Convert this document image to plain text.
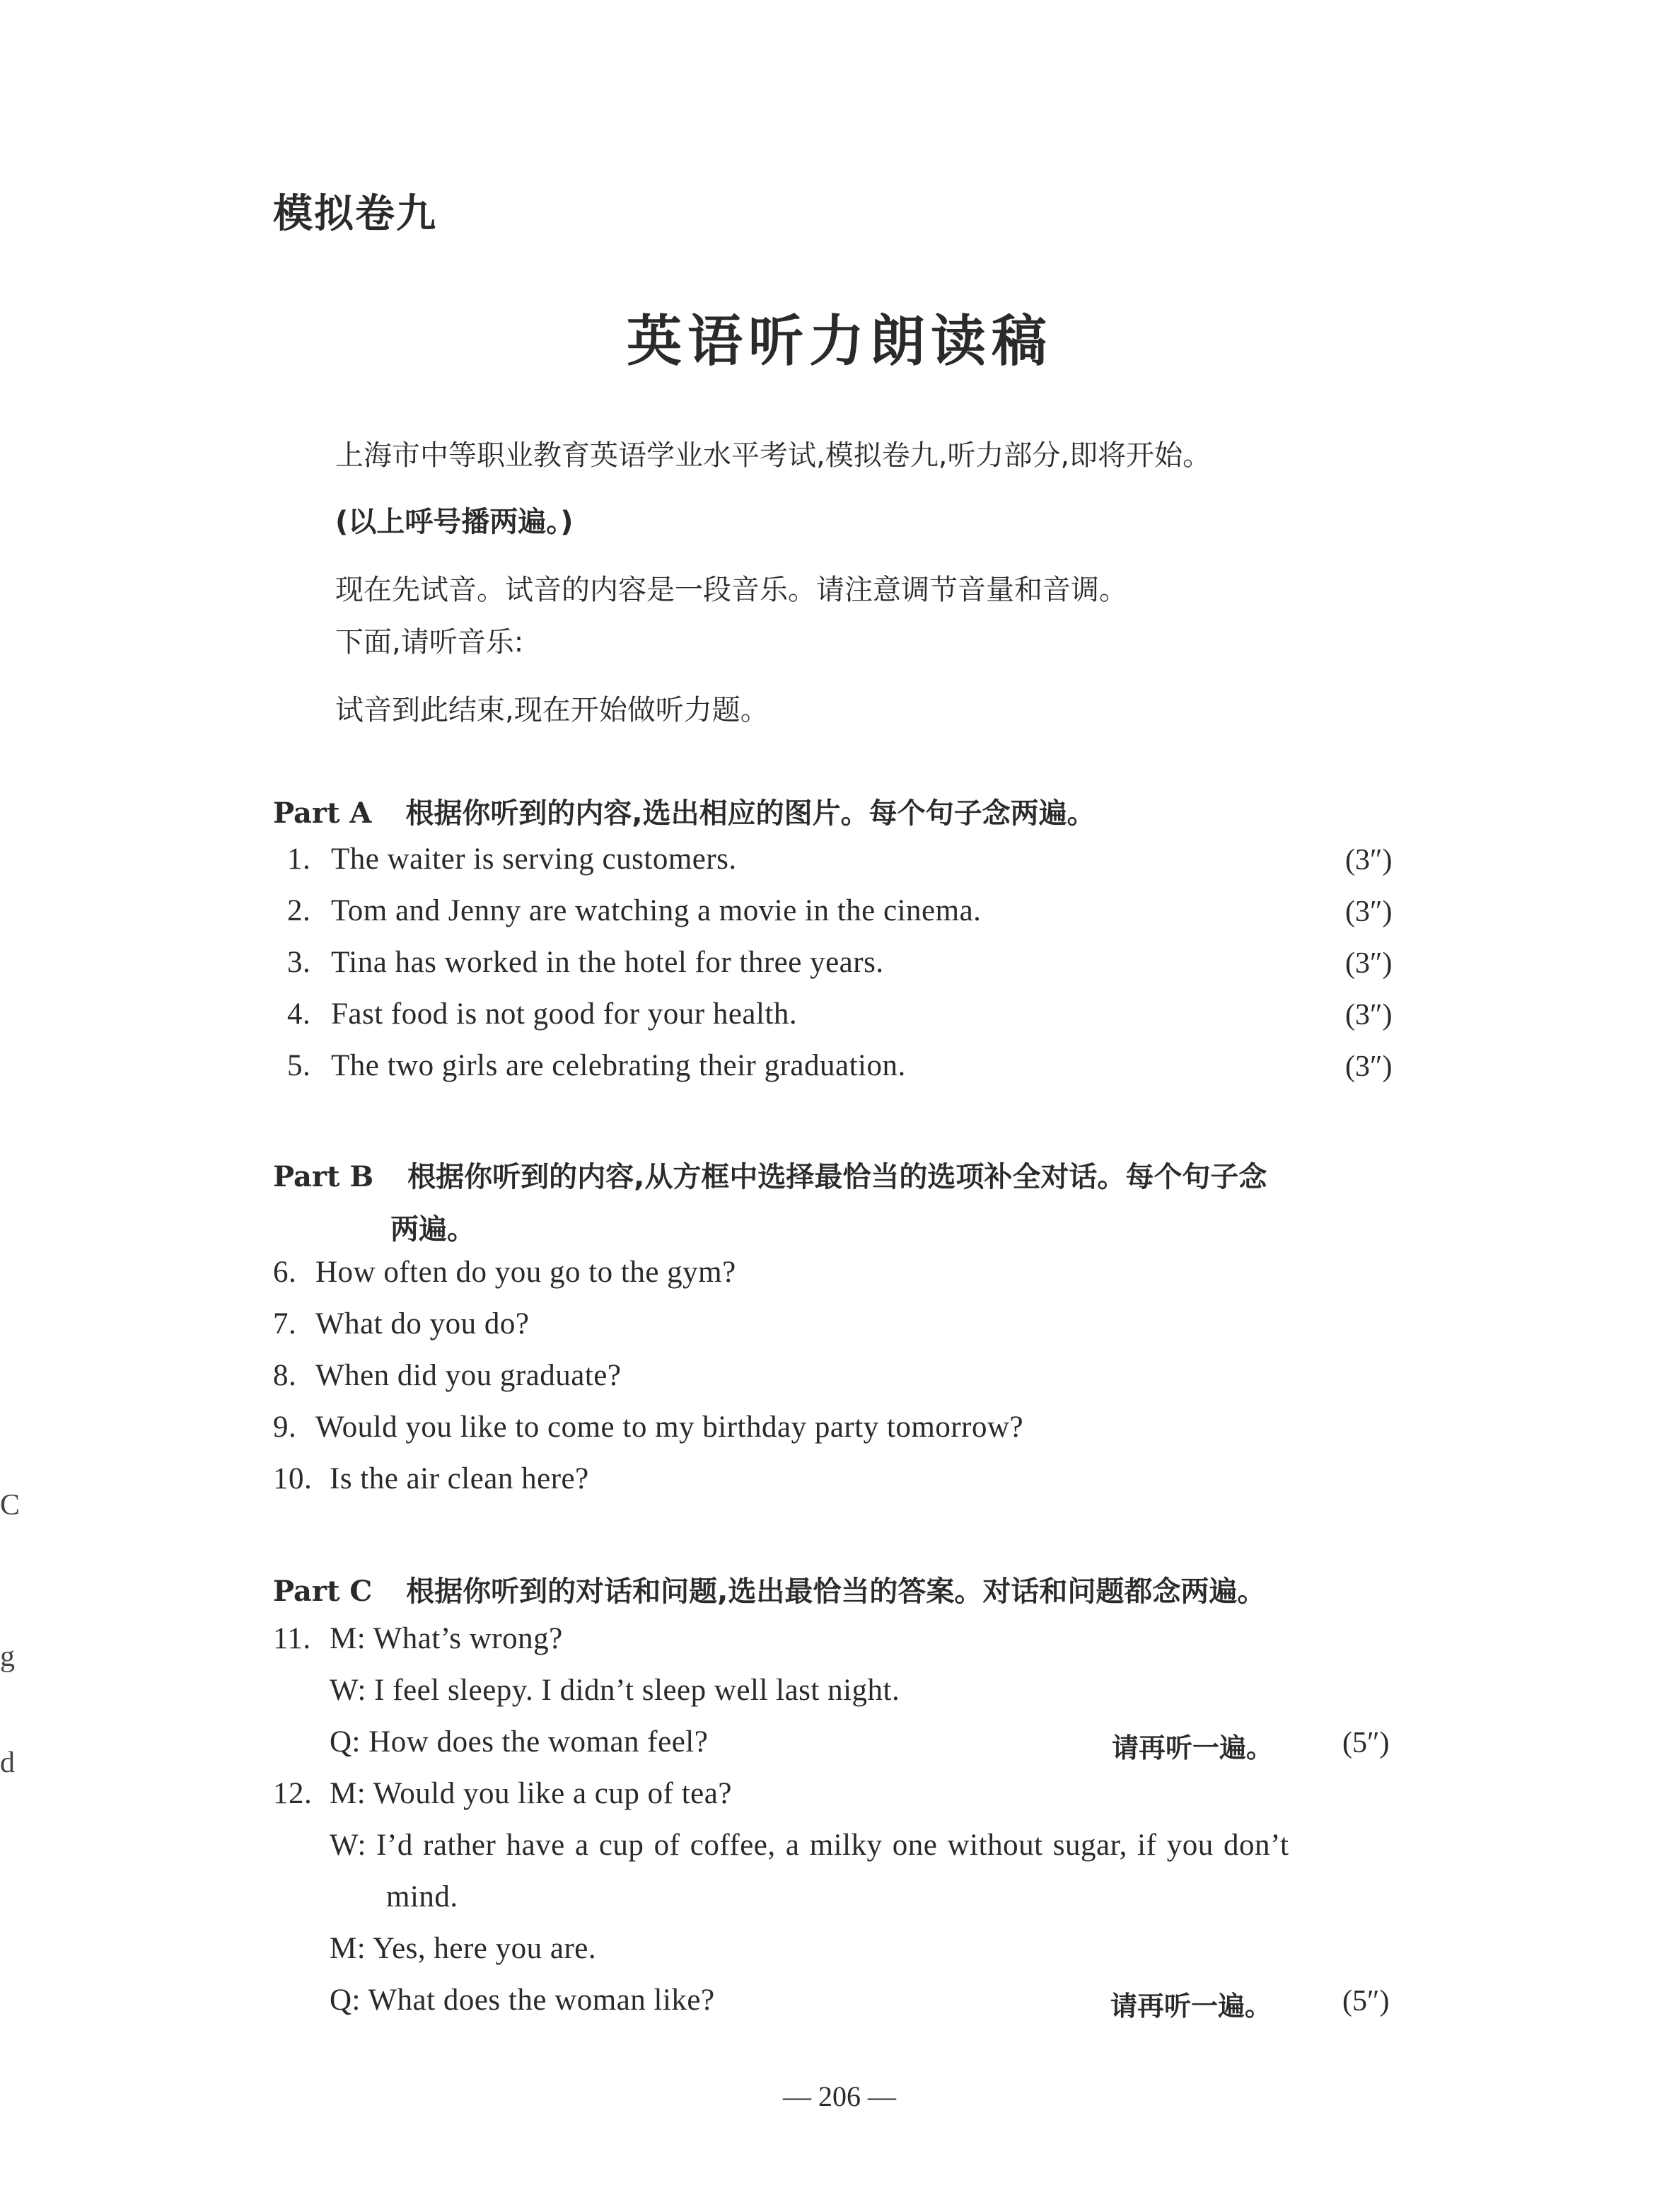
模拟卷九
英语听力朗读稿
上海市中等职业教育英语学业水平考试,模拟卷九,听力部分,即将开始。
(以上呼号播两遍。)
现在先试音。试音的内容是一段音乐。请注意调节音量和音调。
下面,请听音乐:
试音到此结束,现在开始做听力题。
Part A 根据你听到的内容,选出相应的图片。每个句子念两遍。
1. The waiter is serving customers.	(3″)
2. Tom and Jenny are watching a movie in the cinema.	(3″)
3. Tina has worked in the hotel for three years.	(3″)
4. Fast food is not good for your health.	(3″)
5. The two girls are celebrating their graduation.	(3″)
Part B 根据你听到的内容,从方框中选择最恰当的选项补全对话。每个句子念
两遍。
6. How often do you go to the gym?
7. What do you do?
8. When did you graduate?
9. Would you like to come to my birthday party tomorrow?
10. Is the air clean here?
Part C 根据你听到的对话和问题,选出最恰当的答案。对话和问题都念两遍。
11. M: What’s wrong?
W: I feel sleepy. I didn’t sleep well last night.
Q: How does the woman feel?	请再听一遍。 (5″)
12. M: Would you like a cup of tea?
W: I’d rather have a cup of coffee, a milky one without sugar, if you don’t
mind.
M: Yes, here you are.
Q: What does the woman like?	请再听一遍。 (5″)
— 206 —
C
g
d
